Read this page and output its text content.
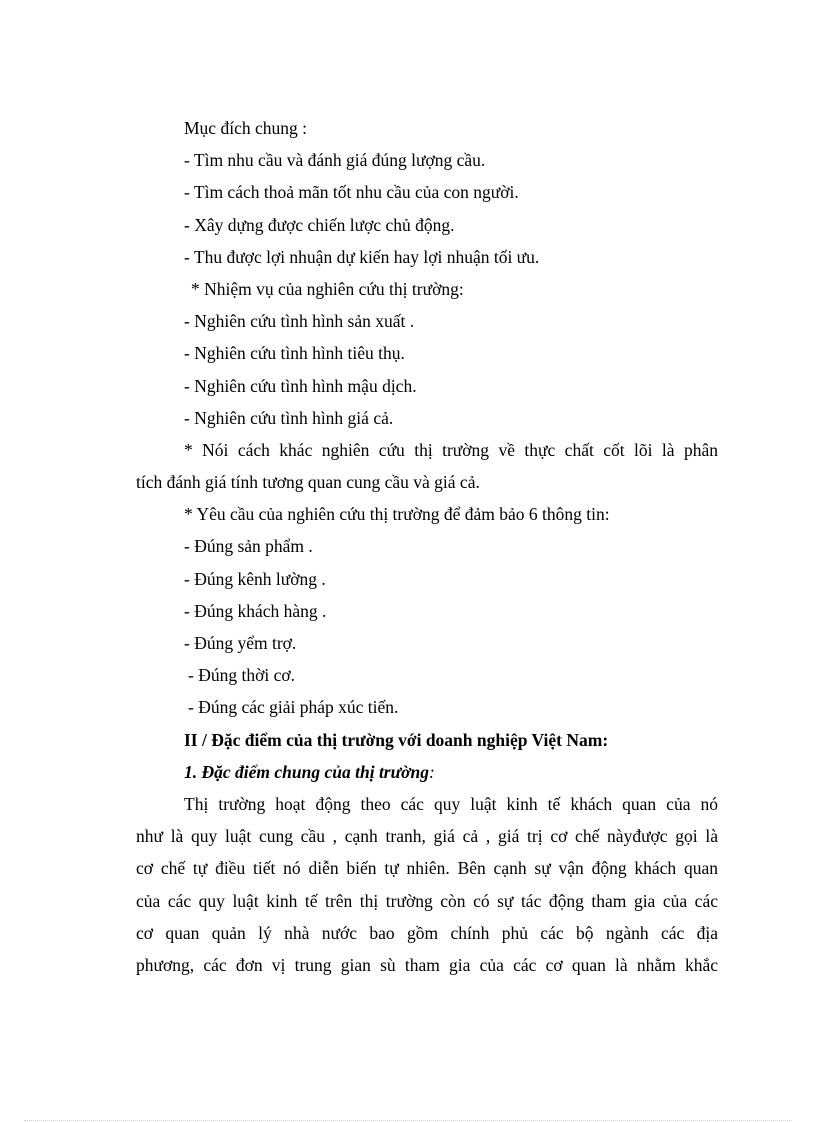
Mục đích chung :
- Tìm nhu cầu và đánh giá đúng lượng cầu.
- Tìm cách thoả mãn tốt nhu cầu của con người.
- Xây dựng được chiến lược chủ động.
- Thu được lợi nhuận dự kiến hay lợi nhuận tối ưu.
* Nhiệm vụ của nghiên cứu thị trường:
- Nghiên cứu tình hình sản xuất .
- Nghiên cứu tình hình tiêu thụ.
- Nghiên cứu tình hình mậu dịch.
- Nghiên cứu tình hình giá cả.
* Nói cách khác nghiên cứu thị trường về thực chất cốt lõi là phân
tích đánh giá tính tương quan cung cầu và giá cả.
* Yêu cầu của nghiên cứu thị trường để đảm bảo 6 thông tin:
- Đúng sản phẩm .
- Đúng kênh lường .
- Đúng khách hàng .
- Đúng yểm trợ.
- Đúng thời cơ.
- Đúng các giải pháp xúc tiến.
II / Đặc điểm của thị trường với doanh nghiệp Việt Nam:
1. Đặc điểm chung của thị trường:
Thị trường hoạt động theo các quy luật kinh tế khách quan của nó
như là quy luật cung cầu , cạnh tranh, giá cả , giá trị cơ chế nàyđược gọi là
cơ chế tự điều tiết nó diễn biến tự nhiên. Bên cạnh sự vận động khách quan
của các quy luật kinh tế trên thị trường còn có sự tác động tham gia của các
cơ quan quản lý nhà nước bao gồm chính phủ các bộ ngành các địa
phương, các đơn vị trung gian sù tham gia của các cơ quan là nhằm khắc
